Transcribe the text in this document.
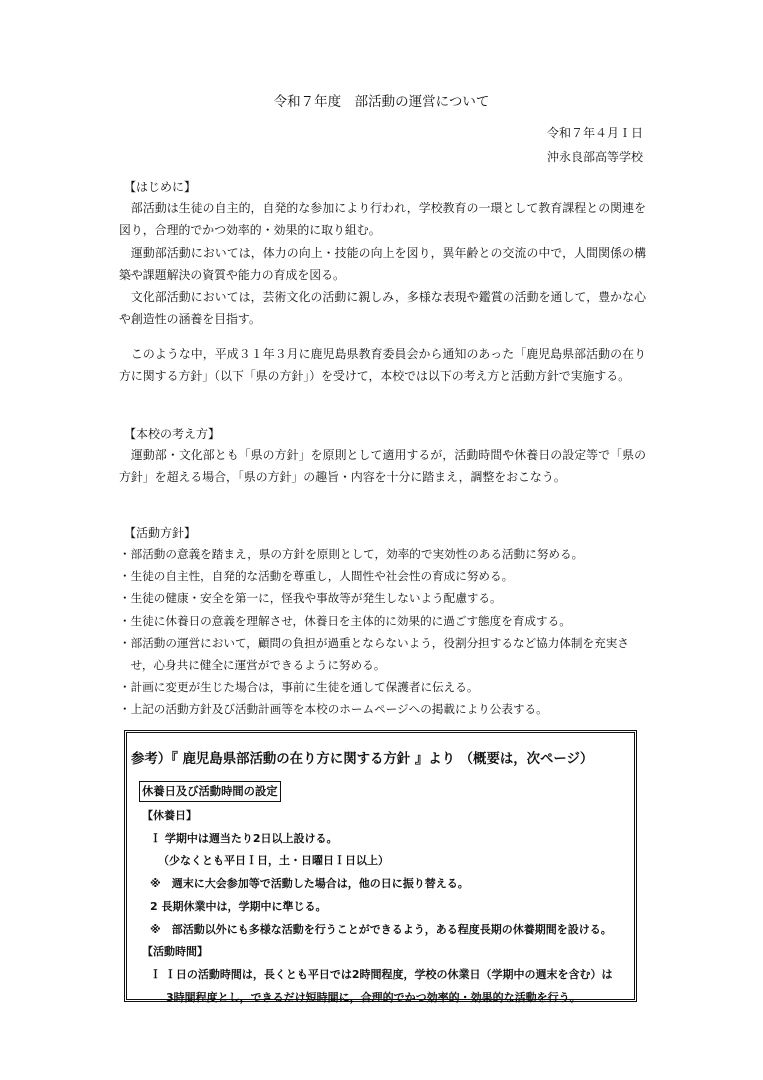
令和７年度　部活動の運営について
令和７年４月Ｉ日
沖永良部高等学校
【はじめに】
部活動は生徒の自主的，自発的な参加により行われ，学校教育の一環として教育課程との関連を図り，合理的でかつ効率的・効果的に取り組む。
運動部活動においては，体力の向上・技能の向上を図り，異年齢との交流の中で，人間関係の構築や課題解決の資質や能力の育成を図る。
文化部活動においては，芸術文化の活動に親しみ，多様な表現や鑑賞の活動を通して，豊かな心や創造性の涵養を目指す。
このような中，平成３１年３月に鹿児島県教育委員会から通知のあった「鹿児島県部活動の在り方に関する方針」（以下「県の方針」）を受けて，本校では以下の考え方と活動方針で実施する。
【本校の考え方】
運動部・文化部とも「県の方針」を原則として適用するが，活動時間や休養日の設定等で「県の方針」を超える場合，「県の方針」の趣旨・内容を十分に踏まえ，調整をおこなう。
【活動方針】
・ 部活動の意義を踏まえ，県の方針を原則として，効率的で実効性のある活動に努める。
・ 生徒の自主性，自発的な活動を尊重し，人間性や社会性の育成に努める。
・ 生徒の健康・安全を第一に，怪我や事故等が発生しないよう配慮する。
・ 生徒に休養日の意義を理解させ，休養日を主体的に効果的に過ごす態度を育成する。
・ 部活動の運営において，顧問の負担が過重とならないよう，役割分担するなど協力体制を充実させ，心身共に健全に運営ができるように努める。
・ 計画に変更が生じた場合は，事前に生徒を通して保護者に伝える。
・ 上記の活動方針及び活動計画等を本校のホームページへの掲載により公表する。
参考）『 鹿児島県部活動の在り方に関する方針 』より （概要は，次ページ）
休養日及び活動時間の設定
【休養日】
Ｉ 学期中は週当たり2日以上設ける。
（少なくとも平日Ｉ日，土・日曜日Ｉ日以上）
※　週末に大会参加等で活動した場合は，他の日に振り替える。
2 長期休業中は，学期中に準じる。
※　部活動以外にも多様な活動を行うことができるよう，ある程度長期の休養期間を設ける。
【活動時間】
Ｉ Ｉ日の活動時間は，長くとも平日では2時間程度，学校の休業日（学期中の週末を含む）は
3時間程度とし，できるだけ短時間に，合理的でかつ効率的・効果的な活動を行う。
